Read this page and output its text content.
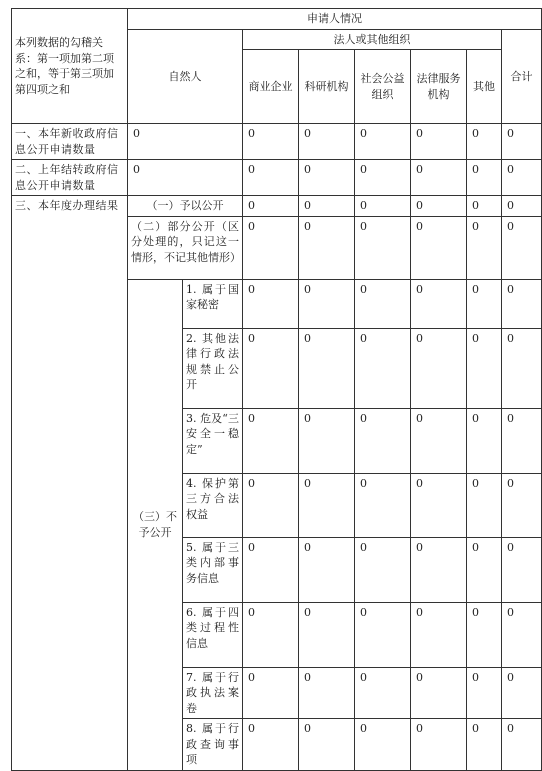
本列数据的勾稽关系：第一项加第二项之和，等于第三项加第四项之和	申请人情况							
	自然人		法人或其他组织					合计
			商业企业	科研机构	社会公益组织	法律服务机构	其他	
一、本年新收政府信息公开申请数量	0		0	0	0	0	0	0
二、上年结转政府信息公开申请数量	0		0	0	0	0	0	0
三、本年度办理结果	（一）予以公开		0	0	0	0	0	0
	（二）部分公开（区分处理的，只记这一情形，不记其他情形）		0	0	0	0	0	0
	（三）不予公开	1. 属于国家秘密	0	0	0	0	0	0
		2. 其他法律行政法规禁止公开	0	0	0	0	0	0
		3. 危及“三安全一稳定”	0	0	0	0	0	0
		4. 保护第三方合法权益	0	0	0	0	0	0
		5. 属于三类内部事务信息	0	0	0	0	0	0
		6. 属于四类过程性信息	0	0	0	0	0	0
		7. 属于行政执法案卷	0	0	0	0	0	0
		8. 属于行政查询事项	0	0	0	0	0	0
